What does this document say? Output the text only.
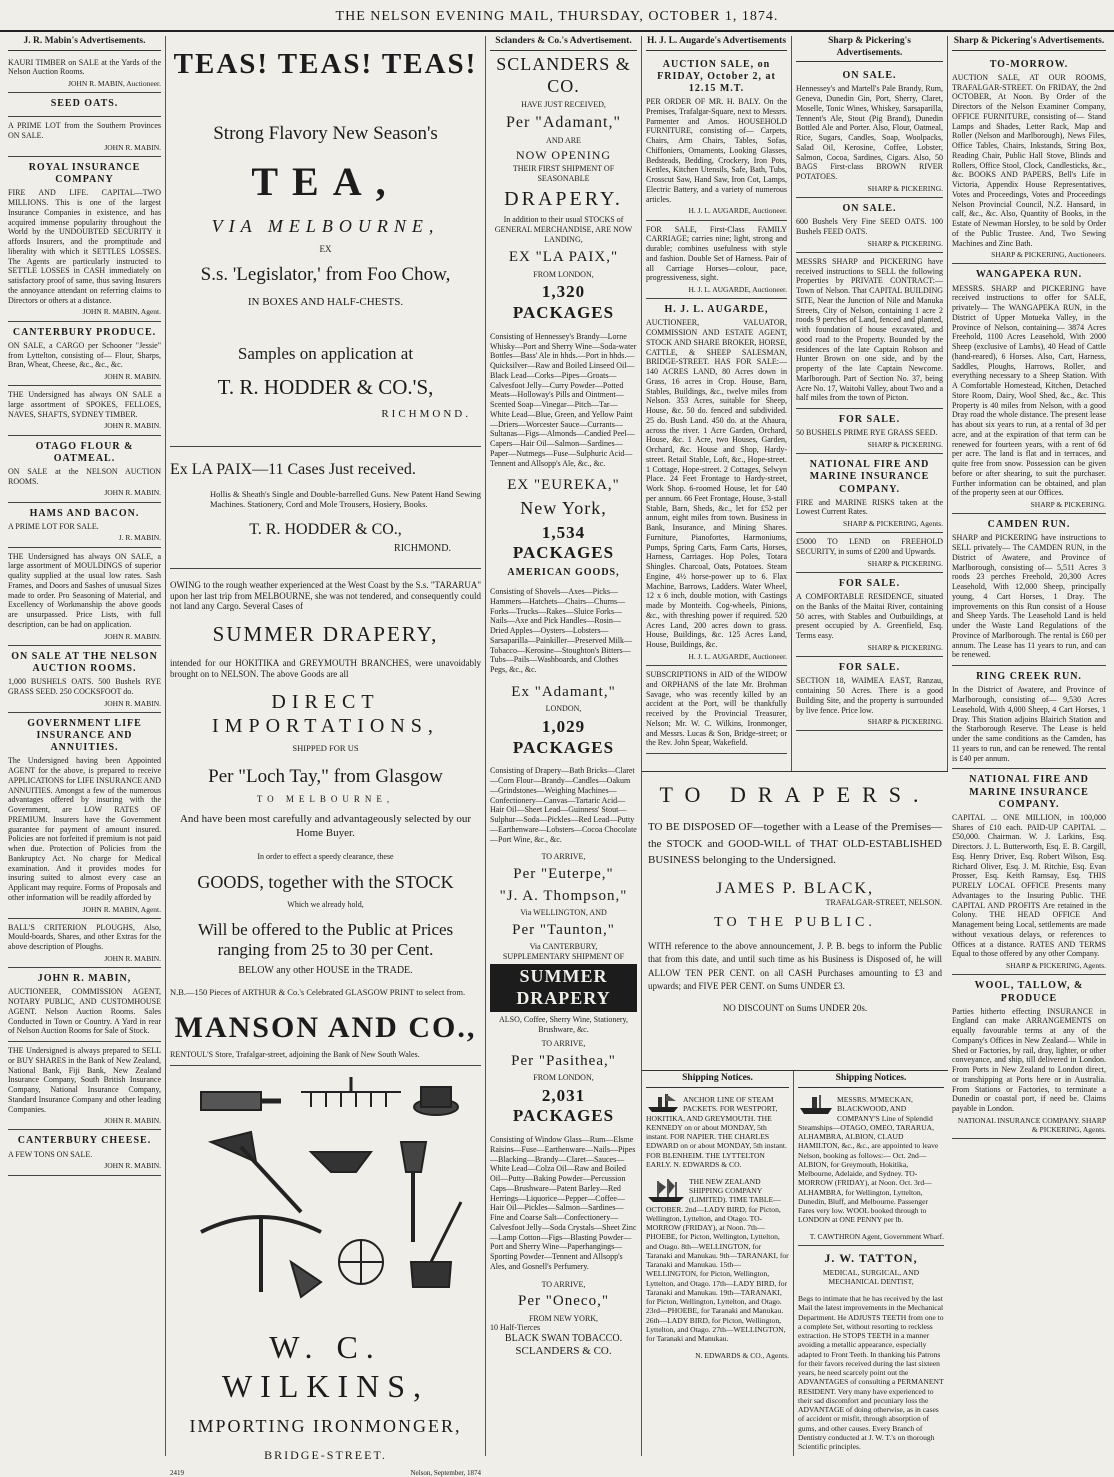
THE NELSON EVENING MAIL, THURSDAY, OCTOBER 1, 1874.
J. R. Mabin's Advertisements.

KAURI TIMBER on SALE at the Yards of the Nelson Auction Rooms.

JOHN R. MABIN, Auctioneer.
SEED OATS.

A PRIME LOT from the Southern Provinces ON SALE.

JOHN R. MABIN.
ROYAL INSURANCE COMPANY

FIRE AND LIFE. CAPITAL—TWO MILLIONS. This is one of the largest Insurance Companies in existence, and has acquired immense popularity throughout the World by the UNDOUBTED SECURITY it affords Insurers, and the promptitude and liberality with which it SETTLES LOSSES. The Agents are particularly instructed to SETTLE LOSSES in CASH immediately on satisfactory proof of same, thus saving Insurers the annoyance attendant on referring claims to Directors or others at a distance.

JOHN R. MABIN, Agent.
CANTERBURY PRODUCE.

ON SALE, a CARGO per Schooner "Jessie" from Lyttelton, consisting of— Flour, Sharps, Bran, Wheat, Cheese, &c., &c., &c.

JOHN R. MABIN.

THE Undersigned has always ON SALE a large assortment of SPOKES, FELLOES, NAVES, SHAFTS, SYDNEY TIMBER.

JOHN R. MABIN.
OTAGO FLOUR & OATMEAL.

ON SALE at the NELSON AUCTION ROOMS.

JOHN R. MABIN.
HAMS AND BACON.

A PRIME LOT FOR SALE.

J. R. MABIN.

THE Undersigned has always ON SALE, a large assortment of MOULDINGS of superior quality supplied at the usual low rates. Sash Frames, and Doors and Sashes of unusual Sizes made to order. Pro Seasoning of Material, and Excellency of Workmanship the above goods are unsurpassed. Price Lists, with full description, can be had on application.

JOHN R. MABIN.
ON SALE AT THE NELSON AUCTION ROOMS.

1,000 BUSHELS OATS. 500 Bushels RYE GRASS SEED. 250 COCKSFOOT do.

JOHN R. MABIN.
GOVERNMENT LIFE INSURANCE AND ANNUITIES.

The Undersigned having been Appointed AGENT for the above, is prepared to receive APPLICATIONS for LIFE INSURANCE AND ANNUITIES. Amongst a few of the numerous advantages offered by insuring with the Government, are LOW RATES OF PREMIUM. Insurers have the Government guarantee for payment of amount insured. Policies are not forfeited if premium is not paid when due. Protection of Policies from the Bankruptcy Act. No charge for Medical examination. And it provides modes for insuring suited to almost every case an Applicant may require. Forms of Proposals and other information will be readily afforded by

JOHN R. MABIN, Agent.

BALL'S CRITERION PLOUGHS, Also, Mould-boards, Shares, and other Extras for the above description of Ploughs.

JOHN R. MABIN.
JOHN R. MABIN,

AUCTIONEER, COMMISSION AGENT, NOTARY PUBLIC, AND CUSTOMHOUSE AGENT. Nelson Auction Rooms. Sales Conducted in Town or Country. A Yard in rear of Nelson Auction Rooms for Sale of Stock.

THE Undersigned is always prepared to SELL or BUY SHARES in the Bank of New Zealand, National Bank, Fiji Bank, New Zealand Insurance Company, South British Insurance Company, National Insurance Company, Standard Insurance Company and other leading Companies.

JOHN R. MABIN.
CANTERBURY CHEESE.

A FEW TONS ON SALE.

JOHN R. MABIN.
TEAS! TEAS! TEAS!
Strong Flavory New Season's
TEA,
VIA MELBOURNE,
EX
S.s. 'Legislator,' from Foo Chow,
IN BOXES AND HALF-CHESTS.
Samples on application at
T. R. HODDER & CO.'S,
RICHMOND.
Ex LA PAIX—11 Cases Just received.

Hollis & Sheath's Single and Double-barrelled Guns. New Patent Hand Sewing Machines. Stationery, Cord and Mole Trousers, Hosiery, Books.

T. R. HODDER & CO.,
RICHMOND.

OWING to the rough weather experienced at the West Coast by the S.s. "TARARUA" upon her last trip from MELBOURNE, she was not tendered, and consequently could not land any Cargo. Several Cases of

SUMMER DRAPERY,

intended for our HOKITIKA and GREYMOUTH BRANCHES, were unavoidably brought on to NELSON. The above Goods are all

DIRECT IMPORTATIONS,
SHIPPED FOR US
Per "Loch Tay," from Glasgow
TO MELBOURNE,
And have been most carefully and advantageously selected by our Home Buyer.
In order to effect a speedy clearance, these
GOODS, together with the STOCK
Which we already hold,
Will be offered to the Public at Prices ranging from 25 to 30 per Cent.
BELOW any other HOUSE in the TRADE.

N.B.—150 Pieces of ARTHUR & Co.'s Celebrated GLASGOW PRINT to select from.

MANSON AND CO.,

RENTOUL'S Store, Trafalgar-street, adjoining the Bank of New South Wales.

W. C. WILKINS,
IMPORTING IRONMONGER,
BRIDGE-STREET.
2419	Nelson, September, 1874
Sclanders & Co.'s Advertisement.
SCLANDERS & CO.
HAVE JUST RECEIVED,
Per "Adamant,"
AND ARE
NOW OPENING
THEIR FIRST SHIPMENT OF SEASONABLE
DRAPERY.
In addition to their usual STOCKS of GENERAL MERCHANDISE, ARE NOW LANDING,
EX "LA PAIX,"
FROM LONDON,
1,320 PACKAGES

Consisting of Hennessey's Brandy—Lorne Whisky—Port and Sherry Wine—Soda-water Bottles—Bass' Ale in hhds.—Port in hhds.—Quicksilver—Raw and Boiled Linseed Oil—Black Lead—Corks—Pipes—Groats—Calvesfoot Jelly—Curry Powder—Potted Meats—Holloway's Pills and Ointment—Scented Soap—Vinegar—Pitch—Tar—White Lead—Blue, Green, and Yellow Paint—Driers—Worcester Sauce—Currants—Sultanas—Figs—Almonds—Candied Peel—Capers—Hair Oil—Salmon—Sardines—Paper—Nutmegs—Fuse—Sulphuric Acid—Tennent and Allsopp's Ale, &c., &c.

EX "EUREKA,"
New York,
1,534 PACKAGES
AMERICAN GOODS,

Consisting of Shovels—Axes—Picks—Hammers—Hatchets—Chairs—Churns—Forks—Trucks—Rakes—Sluice Forks—Nails—Axe and Pick Handles—Rosin—Dried Apples—Oysters—Lobsters—Sarsaparilla—Painkiller—Preserved Milk—Tobacco—Kerosine—Stoughton's Bitters—Tubs—Pails—Washboards, and Clothes Pegs, &c., &c.

Ex "Adamant,"
LONDON,
1,029 PACKAGES

Consisting of Drapery—Bath Bricks—Claret—Corn Flour—Brandy—Candles—Oakum—Grindstones—Weighing Machines—Confectionery—Canvas—Tartaric Acid—Hair Oil—Sheet Lead—Guinness' Stout—Sulphur—Soda—Pickles—Red Lead—Putty—Earthenware—Lobsters—Cocoa Chocolate—Port Wine, &c., &c.

TO ARRIVE,
Per "Euterpe,"
"J. A. Thompson,"
Via WELLINGTON, AND
Per "Taunton,"
Via CANTERBURY,
SUPPLEMENTARY SHIPMENT OF
SUMMER DRAPERY
ALSO, Coffee, Sherry Wine, Stationery, Brushware, &c.
TO ARRIVE,
Per "Pasithea,"
FROM LONDON,
2,031 PACKAGES

Consisting of Window Glass—Rum—Elsme Raisins—Fuse—Earthenware—Nails—Pipes—Blacking—Brandy—Claret—Sauces—White Lead—Colza Oil—Raw and Boiled Oil—Putty—Baking Powder—Percussion Caps—Brushware—Patent Barley—Red Herrings—Liquorice—Pepper—Coffee—Hair Oil—Pickles—Salmon—Sardines—Fine and Coarse Salt—Confectionery—Calvesfoot Jelly—Soda Crystals—Sheet Zinc—Lamp Cotton—Figs—Blasting Powder—Port and Sherry Wine—Paperhangings—Sporting Powder—Tennent and Allsopp's Ales, and Gosnell's Perfumery.

TO ARRIVE,
Per "Oneco,"
FROM NEW YORK,
10 Half-Tierces
BLACK SWAN TOBACCO.
SCLANDERS & CO.
H. J. L. Augarde's Advertisements
AUCTION SALE, on FRIDAY, October 2, at 12.15 M.T.

PER ORDER OF MR. H. BALY. On the Premises, Trafalgar-Square, next to Messrs. Parmenter and Amos. HOUSEHOLD FURNITURE, consisting of— Carpets, Chairs, Arm Chairs, Tables, Sofas, Chiffoniers, Ornaments, Looking Glasses, Bedsteads, Bedding, Crockery, Iron Pots, Kettles, Kitchen Utensils, Safe, Bath, Tubs, Crosscut Saw, Hand Saw, Iron Cot, Lamps, Electric Battery, and a variety of numerous articles.

H. J. L. AUGARDE, Auctioneer.

FOR SALE, First-Class FAMILY CARRIAGE; carries nine; light, strong and durable; combines usefulness with style and fashion. Double Set of Harness. Pair of all Carriage Horses—colour, pace, progressiveness, sight.

H. J. L. AUGARDE, Auctioneer.
H. J. L. AUGARDE,

AUCTIONEER, VALUATOR, COMMISSION AND ESTATE AGENT, STOCK AND SHARE BROKER, HORSE, CATTLE, & SHEEP SALESMAN, BRIDGE-STREET. HAS FOR SALE:— 140 ACRES LAND, 80 Acres down in Grass, 16 acres in Crop. House, Barn, Stables, Buildings, &c., twelve miles from Nelson. 353 Acres, suitable for Sheep, House, &c. 50 do. fenced and subdivided. 25 do. Bush Land. 450 do. at the Ahaura, across the river. 1 Acre Garden, Orchard, House, &c. 1 Acre, two Houses, Garden, Orchard, &c. House and Shop, Hardy-street. Retail Stable, Loft, &c., Hope-street. 1 Cottage, Hope-street. 2 Cottages, Selwyn Place. 24 Feet Frontage to Hardy-street, Work Shop. 6-roomed House, let for £40 per annum. 66 Feet Frontage, House, 3-stall Stable, Barn, Sheds, &c., let for £52 per annum, eight miles from town. Business in Bank, Insurance, and Mining Shares. Furniture, Pianofortes, Harmoniums, Pumps, Spring Carts, Farm Carts, Horses, Harness, Carriages. Hop Poles, Totara Shingles. Charcoal, Oats, Potatoes. Steam Engine, 4½ horse-power up to 6. Flax Machine, Barrows, Ladders. Water Wheel, 12 x 6 inch, double motion, with Castings made by Monteith. Cog-wheels, Pinions, &c., with threshing power if required. 520 Acres Land, 200 acres down to grass. House, Buildings, &c. 125 Acres Land, House, Buildings, &c.

H. J. L. AUGARDE, Auctioneer.

SUBSCRIPTIONS in AID of the WIDOW and ORPHANS of the late Mr. Brohman Savage, who was recently killed by an accident at the Port, will be thankfully received by the Provincial Treasurer, Nelson; Mr. W. C. Wilkins, Ironmonger, and Messrs. Lucas & Son, Bridge-street; or the Rev. John Spear, Wakefield.

Sharp & Pickering's Advertisements.
ON SALE.

Hennessey's and Martell's Pale Brandy, Rum, Geneva, Dunedin Gin, Port, Sherry, Claret, Moselle, Tonic Wines, Whiskey, Sarsaparilla, Tennent's Ale, Stout (Pig Brand), Dunedin Bottled Ale and Porter. Also, Flour, Oatmeal, Rice, Sugars, Candles, Soap, Woolpacks, Salad Oil, Kerosine, Coffee, Lobster, Salmon, Cocoa, Sardines, Cigars. Also, 50 BAGS First-class BROWN RIVER POTATOES.

SHARP & PICKERING.
ON SALE.

600 Bushels Very Fine SEED OATS. 100 Bushels FEED OATS.

SHARP & PICKERING.

MESSRS SHARP and PICKERING have received instructions to SELL the following Properties by PRIVATE CONTRACT:— Town of Nelson. That CAPITAL BUILDING SITE, Near the Junction of Nile and Manuka Streets, City of Nelson, containing 1 acre 2 roods 9 perches of Land, fenced and planted, with foundation of house excavated, and good road to the Property. Bounded by the residences of the late Captain Robson and Hunter Brown on one side, and by the property of the late Captain Newcome. Marlborough. Part of Section No. 37, being Acre No. 17, Waitohi Valley, about Two and a half miles from the town of Picton.

FOR SALE.

50 BUSHELS PRIME RYE GRASS SEED.

SHARP & PICKERING.
NATIONAL FIRE AND MARINE INSURANCE COMPANY.

FIRE and MARINE RISKS taken at the Lowest Current Rates.

SHARP & PICKERING, Agents.

£5000 TO LEND on FREEHOLD SECURITY, in sums of £200 and Upwards.

SHARP & PICKERING.
FOR SALE.

A COMFORTABLE RESIDENCE, situated on the Banks of the Maitai River, containing 50 acres, with Stables and Outbuildings, at present occupied by A. Greenfield, Esq. Terms easy.

SHARP & PICKERING.
FOR SALE.

SECTION 18, WAIMEA EAST, Ranzau, containing 50 Acres. There is a good Building Site, and the property is surrounded by live fence. Price low.

SHARP & PICKERING.
Sharp & Pickering's Advertisements.
TO-MORROW.

AUCTION SALE, AT OUR ROOMS, TRAFALGAR-STREET. On FRIDAY, the 2nd OCTOBER, At Noon. By Order of the Directors of the Nelson Examiner Company, OFFICE FURNITURE, consisting of— Stand Lamps and Shades, Letter Rack, Map and Roller (Nelson and Marlborough), News Files, Office Tables, Chairs, Inkstands, String Box, Reading Chair, Public Hall Stove, Blinds and Rollers, Office Stool, Clock, Candlesticks, &c., &c. BOOKS AND PAPERS, Bell's Life in Victoria, Appendix House Representatives, Votes and Proceedings, Votes and Proceedings Nelson Provincial Council, N.Z. Hansard, in calf, &c., &c. Also, Quantity of Books, in the Estate of Newman Horsley, to be sold by Order of the Public Trustee. And, Two Sewing Machines and Zinc Bath.

SHARP & PICKERING, Auctioneers.
WANGAPEKA RUN.

MESSRS. SHARP and PICKERING have received instructions to offer for SALE, privately— The WANGAPEKA RUN, in the District of Upper Motueka Valley, in the Province of Nelson, containing— 3874 Acres Freehold, 1100 Acres Leasehold, With 2000 Sheep (exclusive of Lambs), 40 Head of Cattle (hand-reared), 6 Horses. Also, Cart, Harness, Saddles, Ploughs, Harrows, Roller, and everything necessary to a Sheep Station. With A Comfortable Homestead, Kitchen, Detached Store Room, Dairy, Wool Shed, &c., &c. This Property is 40 miles from Nelson, with a good Dray road the whole distance. The present lease has about six years to run, at a rental of 3d per acre, and at the expiration of that term can be renewed for fourteen years, with a rent of 6d per acre. The land is flat and in terraces, and quite free from snow. Possession can be given before or after shearing, to suit the purchaser. Further information can be obtained, and plan of the property seen at our Offices.

SHARP & PICKERING.
CAMDEN RUN.

SHARP and PICKERING have instructions to SELL privately— The CAMDEN RUN, in the District of Awatere, and Province of Marlborough, consisting of— 5,511 Acres 3 roods 23 perches Freehold, 20,300 Acres Leasehold, With 12,000 Sheep, principally young, 4 Cart Horses, 1 Dray. The improvements on this Run consist of a House and Sheep Yards. The Leasehold Land is held under the Waste Land Regulations of the Province of Marlborough. The rental is £60 per annum. The Lease has 11 years to run, and can be renewed.

RING CREEK RUN.

In the District of Awatere, and Province of Marlborough, consisting of— 9,530 Acres Leasehold, With 4,000 Sheep, 4 Cart Horses, 1 Dray. This Station adjoins Blairich Station and the Starborough Reserve. The Lease is held under the same conditions as the Camden, has 11 years to run, and can be renewed. The rental is £40 per annum.

NATIONAL FIRE AND MARINE INSURANCE COMPANY.

CAPITAL ... ONE MILLION, in 100,000 Shares of £10 each. PAID-UP CAPITAL ... £50,000. Chairman. W. J. Larkins, Esq. Directors. J. L. Butterworth, Esq. E. B. Cargill, Esq. Henry Driver, Esq. Robert Wilson, Esq. Richard Oliver, Esq. J. M. Ritchie, Esq. Evan Prosser, Esq. Keith Ramsay, Esq. THIS PURELY LOCAL OFFICE Presents many Advantages to the Insuring Public. THE CAPITAL AND PROFITS Are retained in the Colony. THE HEAD OFFICE And Management being Local, settlements are made without vexatious delays, or references to Offices at a distance. RATES AND TERMS Equal to those offered by any other Company.

SHARP & PICKERING, Agents.
WOOL, TALLOW, & PRODUCE

Parties hitherto effecting INSURANCE in England can make ARRANGEMENTS on equally favourable terms at any of the Company's Offices in New Zealand— While in Shed or Factories, by rail, dray, lighter, or other conveyance, and ship, till delivered in London. From Ports in New Zealand to London direct, or transhipping at Ports here or in Australia. From Stations or Factories, to terminate a Dunedin or coastal port, if need be. Claims payable in London.

NATIONAL INSURANCE COMPANY. SHARP & PICKERING, Agents.
TO DRAPERS.

TO BE DISPOSED OF—together with a Lease of the Premises—the STOCK and GOOD-WILL of THAT OLD-ESTABLISHED BUSINESS belonging to the Undersigned.

JAMES P. BLACK,
TRAFALGAR-STREET, NELSON.
TO THE PUBLIC.

WITH reference to the above announcement, J. P. B. begs to inform the Public that from this date, and until such time as his Business is Disposed of, he will ALLOW TEN PER CENT. on all CASH Purchases amounting to £3 and upwards; and FIVE PER CENT. on Sums UNDER £3.

NO DISCOUNT on Sums UNDER 20s.
Shipping Notices.

ANCHOR LINE OF STEAM PACKETS. FOR WESTPORT, HOKITIKA, AND GREYMOUTH. THE KENNEDY on or about MONDAY, 5th instant. FOR NAPIER. THE CHARLES EDWARD on or about MONDAY, 5th instant. FOR BLENHEIM. THE LYTTELTON EARLY. N. EDWARDS & CO.

THE NEW ZEALAND SHIPPING COMPANY (LIMITED). TIME TABLE—OCTOBER. 2nd—LADY BIRD, for Picton, Wellington, Lyttelton, and Otago. TO-MORROW (FRIDAY), at Noon. 7th—PHOEBE, for Picton, Wellington, Lyttelton, and Otago. 8th—WELLINGTON, for Taranaki and Manukau. 9th—TARANAKI, for Taranaki and Manukau. 15th—WELLINGTON, for Picton, Wellington, Lyttelton, and Otago. 17th—LADY BIRD, for Taranaki and Manukau. 19th—TARANAKI, for Picton, Wellington, Lyttelton, and Otago. 23rd—PHOEBE, for Taranaki and Manukau. 26th—LADY BIRD, for Picton, Wellington, Lyttelton, and Otago. 27th—WELLINGTON, for Taranaki and Manukau.

N. EDWARDS & CO., Agents.
Shipping Notices.

MESSRS. M'MECKAN, BLACKWOOD, AND COMPANY'S Line of Splendid Steamships—OTAGO, OMEO, TARARUA, ALHAMBRA, ALBION, CLAUD HAMILTON, &c., &c., are appointed to leave Nelson, booking as follows:— Oct. 2nd—ALBION, for Greymouth, Hokitika, Melbourne, Adelaide, and Sydney. TO-MORROW (FRIDAY), at Noon. Oct. 3rd—ALHAMBRA, for Wellington, Lyttelton, Dunedin, Bluff, and Melbourne. Passenger Fares very low. WOOL booked through to LONDON at ONE PENNY per lb.

T. CAWTHRON Agent, Government Wharf.
J. W. TATTON,
MEDICAL, SURGICAL, AND MECHANICAL DENTIST,

Begs to intimate that he has received by the last Mail the latest improvements in the Mechanical Department. He ADJUSTS TEETH from one to a complete Set, without resorting to reckless extraction. He STOPS TEETH in a manner avoiding a metallic appearance, especially adapted to Front Teeth. In thanking his Patrons for their favors received during the last sixteen years, he need scarcely point out the ADVANTAGES of consulting a PERMANENT RESIDENT. Very many have experienced to their sad discomfort and pecuniary loss the ADVANTAGE of doing otherwise, as in cases of accident or misfit, through absorption of gums, and other causes. Every Branch of Dentistry conducted at J. W. T.'s on thorough Scientific principles.
